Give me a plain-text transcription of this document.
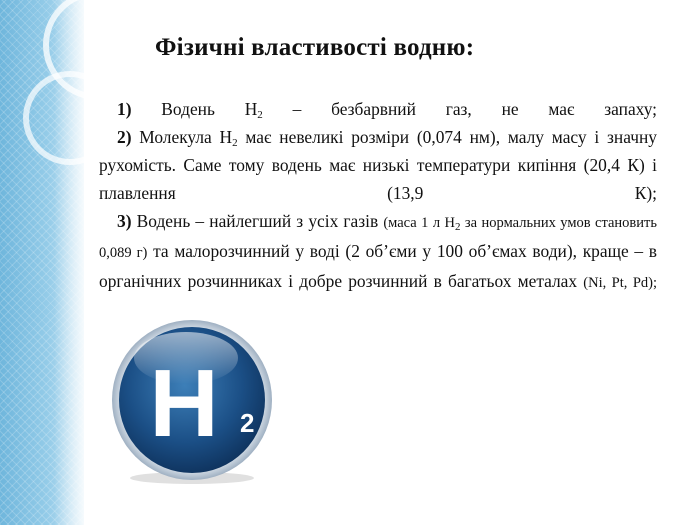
Фізичні властивості водню:

1) Водень $Н_2$ – безбарвний газ, не має запаху;

2) Молекула $Н_2$ має невеликі розміри (0,074 нм), малу масу і значну рухомість. Саме тому водень має низькі температури кипіння (20,4 К) і плавлення (13,9 К);

3) Водень – найлегший з усіх газів (маса 1 л $Н_2$ за нормальних умов становить 0,089 г) та малорозчинний у воді (2 об’єми у 100 об’ємах води), краще – в органічних розчинниках і добре розчинний в багатьох металах (Ni, Pt, Pd);

H 2
